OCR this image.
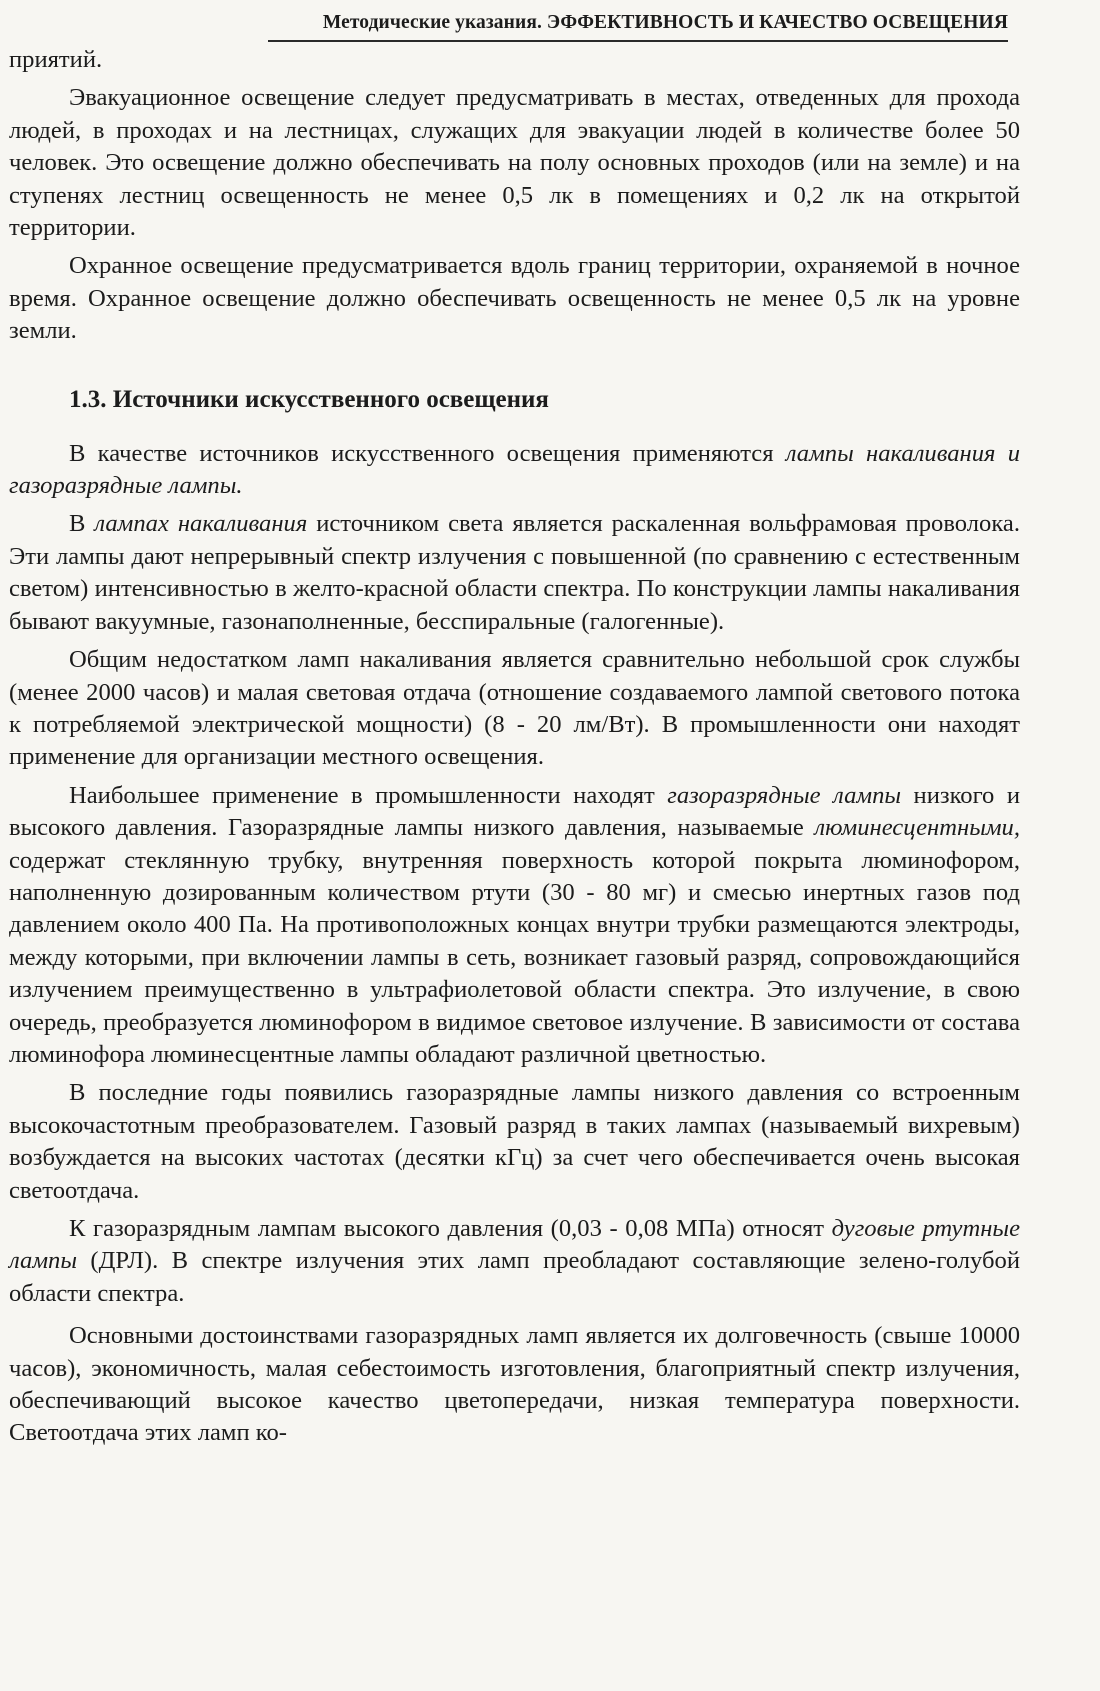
Методические указания. ЭФФЕКТИВНОСТЬ И КАЧЕСТВО ОСВЕЩЕНИЯ

приятий.

Эвакуационное освещение следует предусматривать в местах, отведенных для прохода людей, в проходах и на лестницах, служащих для эвакуации людей в количестве более 50 человек. Это освещение должно обеспечивать на полу основных проходов (или на земле) и на ступенях лестниц освещенность не менее 0,5 лк в помещениях и 0,2 лк на открытой территории.

Охранное освещение предусматривается вдоль границ территории, охраняемой в ночное время. Охранное освещение должно обеспечивать освещенность не менее 0,5 лк на уровне земли.

1.3. Источники искусственного освещения

В качестве источников искусственного освещения применяются лампы накаливания и газоразрядные лампы.

В лампах накаливания источником света является раскаленная вольфрамовая проволока. Эти лампы дают непрерывный спектр излучения с повышенной (по сравнению с естественным светом) интенсивностью в желто-красной области спектра. По конструкции лампы накаливания бывают вакуумные, газонаполненные, бесспиральные (галогенные).

Общим недостатком ламп накаливания является сравнительно небольшой срок службы (менее 2000 часов) и малая световая отдача (отношение создаваемого лампой светового потока к потребляемой электрической мощности) (8 - 20 лм/Вт). В промышленности они находят применение для организации местного освещения.

Наибольшее применение в промышленности находят газоразрядные лампы низкого и высокого давления. Газоразрядные лампы низкого давления, называемые люминесцентными, содержат стеклянную трубку, внутренняя поверхность которой покрыта люминофором, наполненную дозированным количеством ртути (30 - 80 мг) и смесью инертных газов под давлением около 400 Па. На противоположных концах внутри трубки размещаются электроды, между которыми, при включении лампы в сеть, возникает газовый разряд, сопровождающийся излучением преимущественно в ультрафиолетовой области спектра. Это излучение, в свою очередь, преобразуется люминофором в видимое световое излучение. В зависимости от состава люминофора люминесцентные лампы обладают различной цветностью.

В последние годы появились газоразрядные лампы низкого давления со встроенным высокочастотным преобразователем. Газовый разряд в таких лампах (называемый вихревым) возбуждается на высоких частотах (десятки кГц) за счет чего обеспечивается очень высокая светоотдача.

К газоразрядным лампам высокого давления (0,03 - 0,08 МПа) относят дуговые ртутные лампы (ДРЛ). В спектре излучения этих ламп преобладают составляющие зелено-голубой области спектра.

Основными достоинствами газоразрядных ламп является их долговечность (свыше 10000 часов), экономичность, малая себестоимость изготовления, благоприятный спектр излучения, обеспечивающий высокое качество цветопередачи, низкая температура поверхности. Светоотдача этих ламп ко-
